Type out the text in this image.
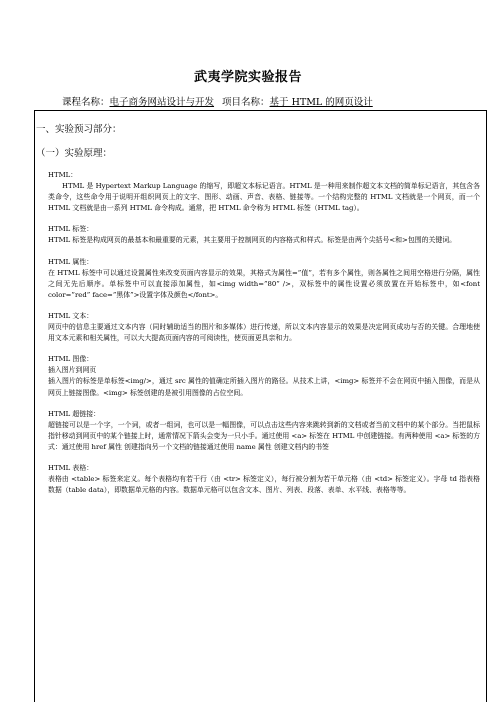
武夷学院实验报告
课程名称：电子商务网站设计与开发 项目名称：基于 HTML 的网页设计
一、实验预习部分：
（一）实验原理：
HTML：
HTML 是 Hypertext Markup Language 的缩写，即超文本标记语言。HTML 是一种用来制作超文本文档的简单标记语言，其包含各类命令，这些命令用于说明开组织网页上的文字、图形、动画、声音、表格、链接等。一个结构完整的 HTML 文档就是一个网页，而一个 HTML 文档就是由一系列 HTML 命令构成。通常，把 HTML 命令称为 HTML 标签（HTML tag）。
HTML 标签：
HTML 标签是构成网页的最基本和最重要的元素，其主要用于控制网页的内容格式和样式。标签是由两个尖括号<和>包围的关键词。
HTML 属性：
在 HTML 标签中可以通过设置属性来改变页面内容显示的效果，其格式为属性=”值”，若有多个属性，则各属性之间用空格进行分隔，属性之间无先后顺序。单标签中可以直接添加属性，如<img width=”80” />，双标签中的属性设置必须放置在开始标签中，如<font color=”red” face=”黑体”>设置字体及颜色</font>。
HTML 文本：
网页中的信息主要通过文本内容（同时辅助适当的图片和多媒体）进行传递，所以文本内容显示的效果是决定网页成功与否的关键。合理地使用文本元素和相关属性，可以大大提高页面内容的可阅读性，使页面更具亲和力。
HTML 图像：
插入图片到网页
插入图片的标签是单标签<img/>，通过 src 属性的值确定所插入图片的路径。从技术上讲，<img> 标签并不会在网页中插入图像，而是从网页上链接图像。<img> 标签创建的是被引用图像的占位空间。
HTML 超链接：
超链接可以是一个字，一个词，或者一组词，也可以是一幅图像，可以点击这些内容来跳转到新的文档或者当前文档中的某个部分。当把鼠标指针移动到网页中的某个链接上时，通常情况下箭头会变为一只小手。通过使用 <a> 标签在 HTML 中创建链接。有两种使用 <a> 标签的方式：通过使用 href 属性 创建指向另一个文档的链接通过使用 name 属性 创建文档内的书签
HTML 表格：
表格由 <table> 标签来定义。每个表格均有若干行（由 <tr> 标签定义），每行被分割为若干单元格（由 <td> 标签定义）。字母 td 指表格数据（table data），即数据单元格的内容。数据单元格可以包含文本、图片、列表、段落、表单、水平线、表格等等。
